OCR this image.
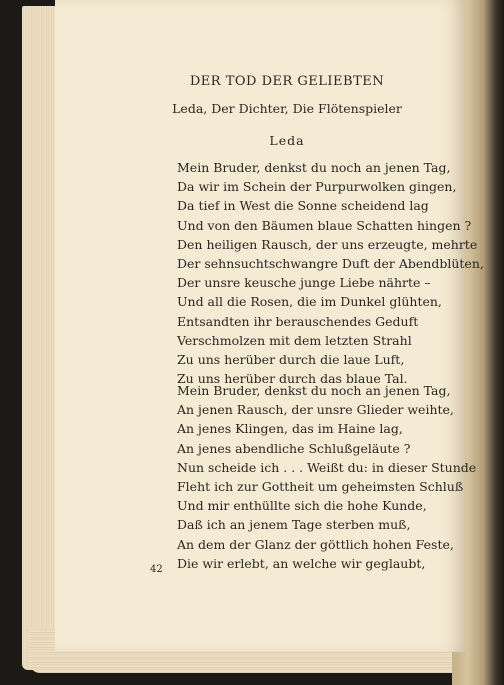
DER TOD DER GELIEBTEN
Leda, Der Dichter, Die Flötenspieler
Leda
Mein Bruder, denkst du noch an jenen Tag,
Da wir im Schein der Purpurwolken gingen,
Da tief in West die Sonne scheidend lag
Und von den Bäumen blaue Schatten hingen ?
Den heiligen Rausch, der uns erzeugte, mehrte
Der sehnsuchtschwangre Duft der Abendblüten,
Der unsre keusche junge Liebe nährte –
Und all die Rosen, die im Dunkel glühten,
Entsandten ihr berauschendes Geduft
Verschmolzen mit dem letzten Strahl
Zu uns herüber durch die laue Luft,
Zu uns herüber durch das blaue Tal.
Mein Bruder, denkst du noch an jenen Tag,
An jenen Rausch, der unsre Glieder weihte,
An jenes Klingen, das im Haine lag,
An jenes abendliche Schlußgeläute ?
Nun scheide ich . . . Weißt du: in dieser Stunde
Fleht ich zur Gottheit um geheimsten Schluß
Und mir enthüllte sich die hohe Kunde,
Daß ich an jenem Tage sterben muß,
An dem der Glanz der göttlich hohen Feste,
Die wir erlebt, an welche wir geglaubt,
42
